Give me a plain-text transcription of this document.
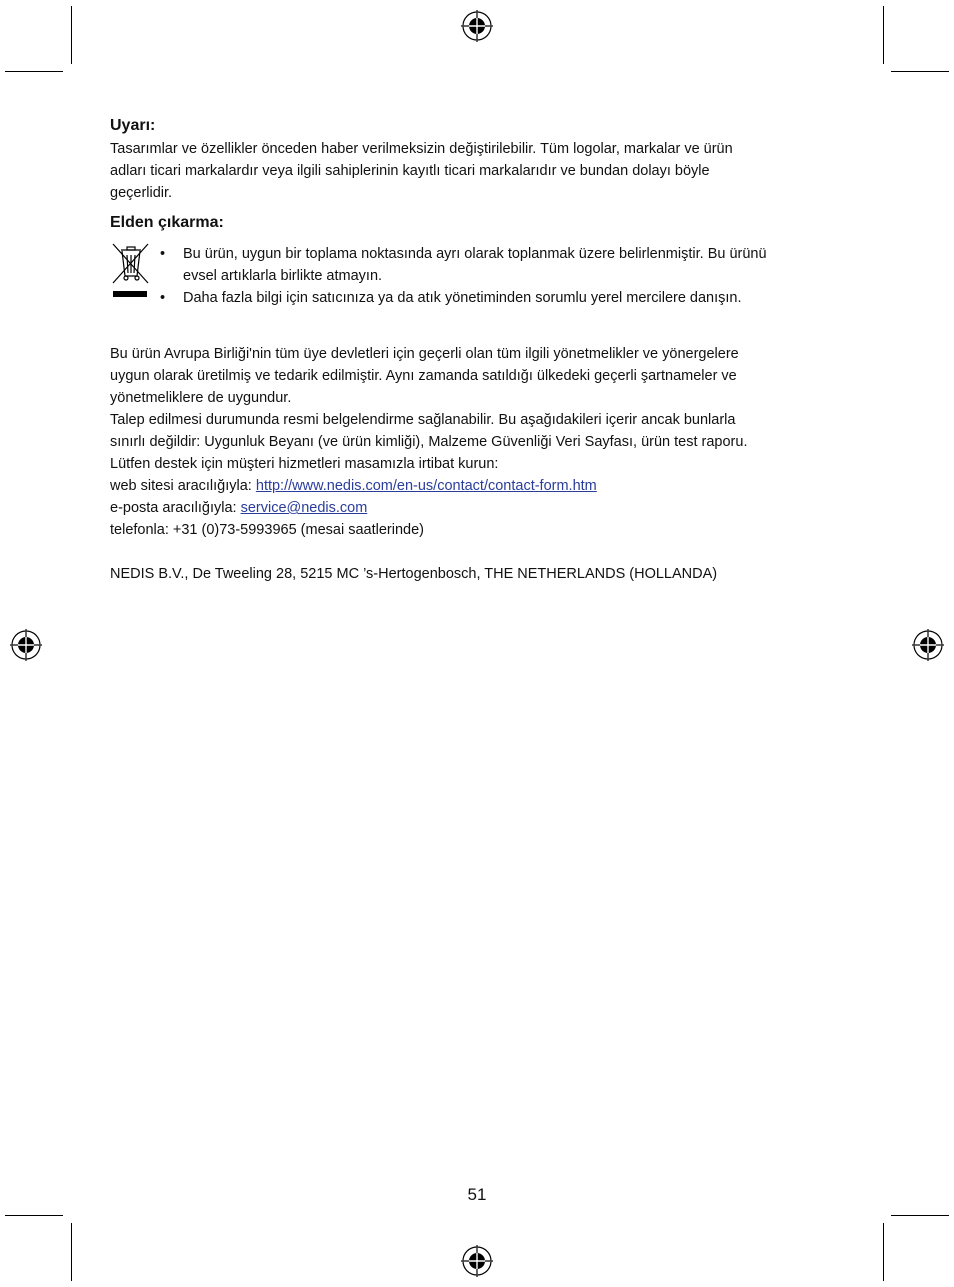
Uyarı:

Tasarımlar ve özellikler önceden haber verilmeksizin değiştirilebilir. Tüm logolar, markalar ve ürün
adları ticari markalardır veya ilgili sahiplerinin kayıtlı ticari markalarıdır ve bundan dolayı böyle
geçerlidir.

Elden çıkarma:
• Bu ürün, uygun bir toplama noktasında ayrı olarak toplanmak üzere belirlenmiştir. Bu ürünü
evsel artıklarla birlikte atmayın.
• Daha fazla bilgi için satıcınıza ya da atık yönetiminden sorumlu yerel mercilere danışın.

Bu ürün Avrupa Birliği'nin tüm üye devletleri için geçerli olan tüm ilgili yönetmelikler ve yönergelere
uygun olarak üretilmiş ve tedarik edilmiştir. Aynı zamanda satıldığı ülkedeki geçerli şartnameler ve
yönetmeliklere de uygundur.
Talep edilmesi durumunda resmi belgelendirme sağlanabilir. Bu aşağıdakileri içerir ancak bunlarla
sınırlı değildir: Uygunluk Beyanı (ve ürün kimliği), Malzeme Güvenliği Veri Sayfası, ürün test raporu.
Lütfen destek için müşteri hizmetleri masamızla irtibat kurun:
web sitesi aracılığıyla: http://www.nedis.com/en-us/contact/contact-form.htm
e-posta aracılığıyla: service@nedis.com
telefonla: +31 (0)73-5993965 (mesai saatlerinde)

NEDIS B.V., De Tweeling 28, 5215 MC ’s-Hertogenbosch, THE NETHERLANDS (HOLLANDA)

51
